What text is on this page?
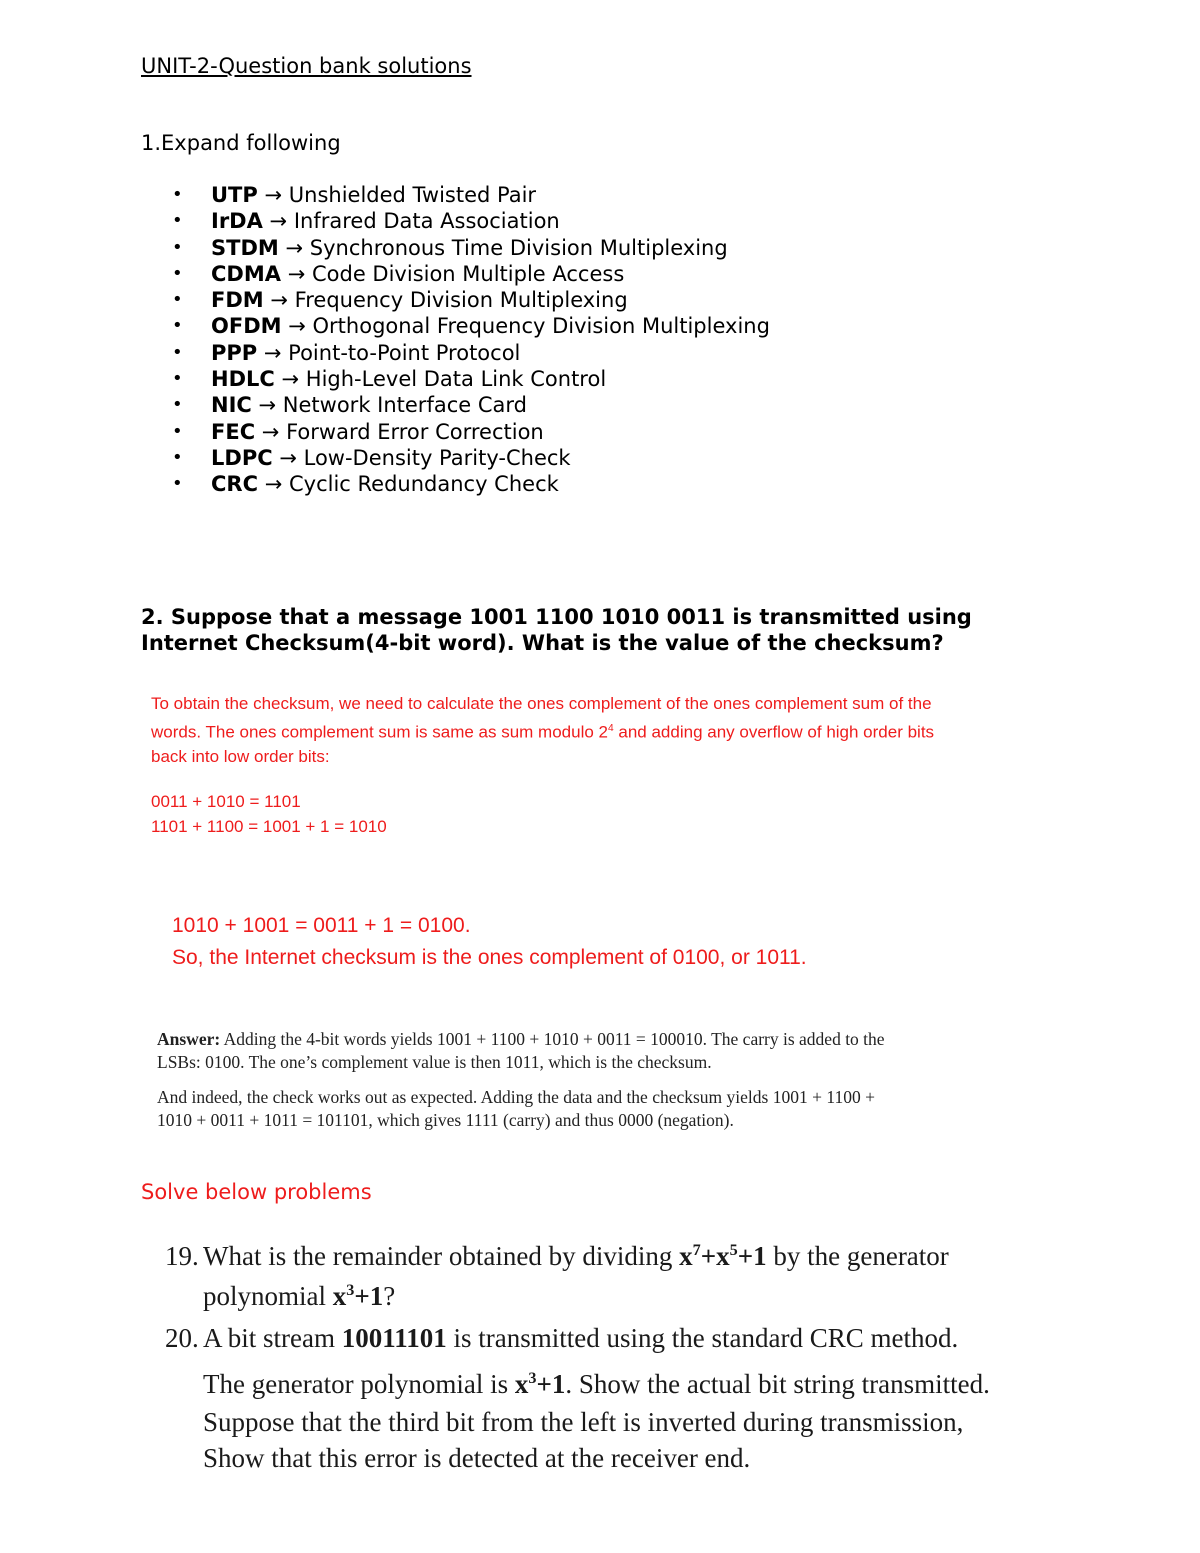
UNIT-2-Question bank solutions
1.Expand following
• UTP → Unshielded Twisted Pair
• IrDA → Infrared Data Association
• STDM → Synchronous Time Division Multiplexing
• CDMA → Code Division Multiple Access
• FDM → Frequency Division Multiplexing
• OFDM → Orthogonal Frequency Division Multiplexing
• PPP → Point-to-Point Protocol
• HDLC → High-Level Data Link Control
• NIC → Network Interface Card
• FEC → Forward Error Correction
• LDPC → Low-Density Parity-Check
• CRC → Cyclic Redundancy Check
2. Suppose that a message 1001 1100 1010 0011 is transmitted using
Internet Checksum(4-bit word). What is the value of the checksum?
To obtain the checksum, we need to calculate the ones complement of the ones complement sum of the
words. The ones complement sum is same as sum modulo $2^4$ and adding any overflow of high order bits
back into low order bits:
0011 + 1010 = 1101
1101 + 1100 = 1001 + 1 = 1010
1010 + 1001 = 0011 + 1 = 0100.
So, the Internet checksum is the ones complement of 0100, or 1011.
Answer: Adding the 4-bit words yields 1001 + 1100 + 1010 + 0011 = 100010. The carry is added to the
LSBs: 0100. The one’s complement value is then 1011, which is the checksum.
And indeed, the check works out as expected. Adding the data and the checksum yields 1001 + 1100 +
1010 + 0011 + 1011 = 101101, which gives 1111 (carry) and thus 0000 (negation).
Solve below problems
19. What is the remainder obtained by dividing $x^7+x^5+1$ by the generator
polynomial $x^3+1$?
20. A bit stream 10011101 is transmitted using the standard CRC method.
The generator polynomial is $x^3+1$. Show the actual bit string transmitted.
Suppose that the third bit from the left is inverted during transmission,
Show that this error is detected at the receiver end.
